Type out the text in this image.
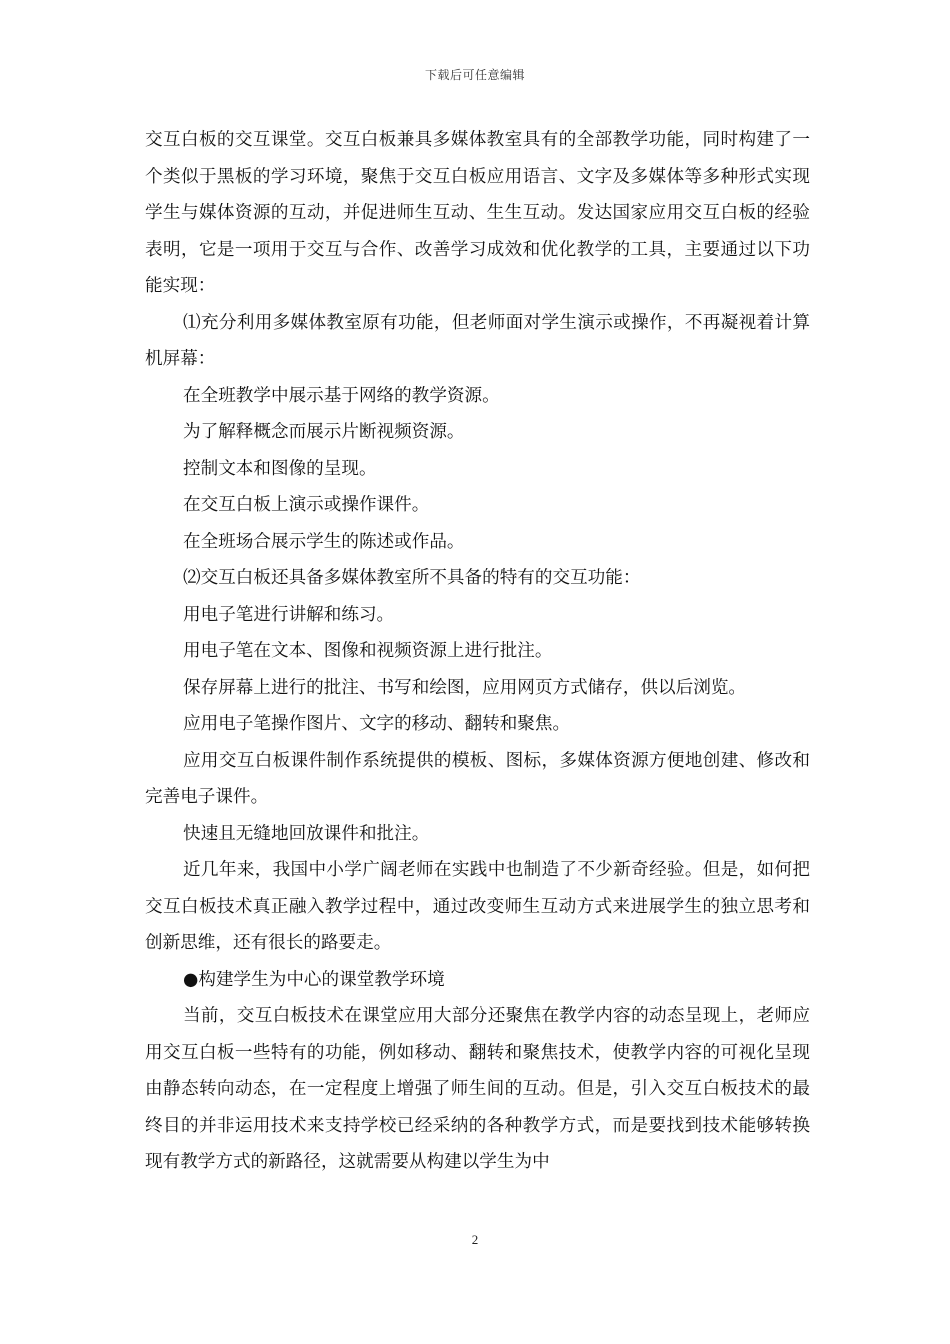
下载后可任意编辑

交互白板的交互课堂。交互白板兼具多媒体教室具有的全部教学功能，同时构建了一个类似于黑板的学习环境，聚焦于交互白板应用语言、文字及多媒体等多种形式实现学生与媒体资源的互动，并促进师生互动、生生互动。发达国家应用交互白板的经验表明，它是一项用于交互与合作、改善学习成效和优化教学的工具，主要通过以下功能实现：

⑴充分利用多媒体教室原有功能，但老师面对学生演示或操作，不再凝视着计算机屏幕：

在全班教学中展示基于网络的教学资源。

为了解释概念而展示片断视频资源。

控制文本和图像的呈现。

在交互白板上演示或操作课件。

在全班场合展示学生的陈述或作品。

⑵交互白板还具备多媒体教室所不具备的特有的交互功能：

用电子笔进行讲解和练习。

用电子笔在文本、图像和视频资源上进行批注。

保存屏幕上进行的批注、书写和绘图，应用网页方式储存，供以后浏览。

应用电子笔操作图片、文字的移动、翻转和聚焦。

应用交互白板课件制作系统提供的模板、图标，多媒体资源方便地创建、修改和完善电子课件。

快速且无缝地回放课件和批注。

近几年来，我国中小学广阔老师在实践中也制造了不少新奇经验。但是，如何把交互白板技术真正融入教学过程中，通过改变师生互动方式来进展学生的独立思考和创新思维，还有很长的路要走。

●构建学生为中心的课堂教学环境

当前，交互白板技术在课堂应用大部分还聚焦在教学内容的动态呈现上，老师应用交互白板一些特有的功能，例如移动、翻转和聚焦技术，使教学内容的可视化呈现由静态转向动态，在一定程度上增强了师生间的互动。但是，引入交互白板技术的最终目的并非运用技术来支持学校已经采纳的各种教学方式，而是要找到技术能够转换现有教学方式的新路径，这就需要从构建以学生为中

2
